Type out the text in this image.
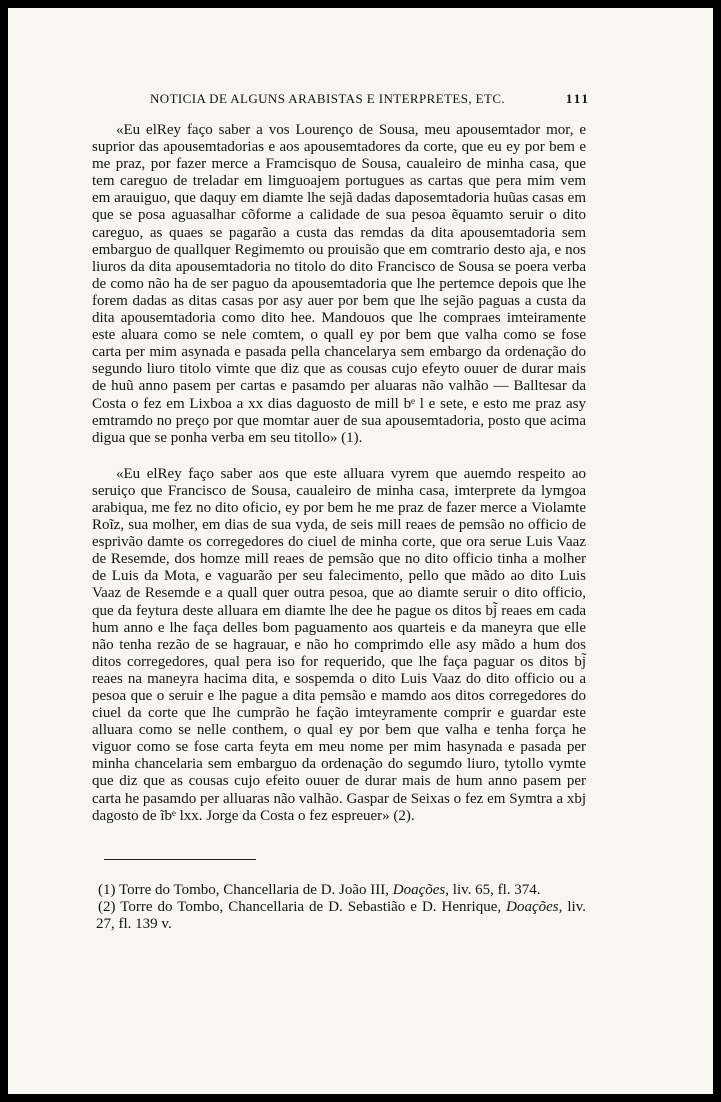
NOTICIA DE ALGUNS ARABISTAS E INTERPRETES, ETC.	111

«Eu elRey faço saber a vos Lourenço de Sousa, meu apousemtador mor, e suprior das apousemtadorias e aos apousemtadores da corte, que eu ey por bem e me praz, por fazer merce a Framcisquo de Sousa, caualeiro de minha casa, que tem careguo de treladar em limguoajem portugues as cartas que pera mim vem em arauiguo, que daquy em diamte lhe sejã dadas daposemtadoria huũas casas em que se posa aguasalhar cõforme a calidade de sua pesoa ẽquamto seruir o dito careguo, as quaes se pagarão a custa das remdas da dita apousemtadoria sem embarguo de quallquer Regimemto ou prouisão que em comtrario desto aja, e nos liuros da dita apousemtadoria no titolo do dito Francisco de Sousa se poera verba de como não ha de ser paguo da apousemtadoria que lhe pertemce depois que lhe forem dadas as ditas casas por asy auer por bem que lhe sejão paguas a custa da dita apousemtadoria como dito hee. Mandouos que lhe compraes imteiramente este aluara como se nele comtem, o quall ey por bem que valha como se fose carta per mim asynada e pasada pella chancelarya sem embargo da ordenação do segundo liuro titolo vimte que diz que as cousas cujo efeyto ouuer de durar mais de huũ anno pasem per cartas e pasamdo per aluaras não valhão — Balltesar da Costa o fez em Lixboa a xx dias daguosto de mill bᵉ l e sete, e esto me praz asy emtramdo no preço por que momtar auer de sua apousemtadoria, posto que acima digua que se ponha verba em seu titollo» (1).

«Eu elRey faço saber aos que este alluara vyrem que auemdo respeito ao seruiço que Francisco de Sousa, caualeiro de minha casa, imterprete da lymgoa arabiqua, me fez no dito oficio, ey por bem he me praz de fazer merce a Violamte Roĩz, sua molher, em dias de sua vyda, de seis mill reaes de pemsão no officio de esprivão damte os corregedores do ciuel de minha corte, que ora serue Luis Vaaz de Resemde, dos homze mill reaes de pemsão que no dito officio tinha a molher de Luis da Mota, e vaguarão per seu falecimento, pello que mãdo ao dito Luis Vaaz de Resemde e a quall quer outra pesoa, que ao diamte seruir o dito officio, que da feytura deste alluara em diamte lhe dee he pague os ditos bj̃ reaes em cada hum anno e lhe faça delles bom paguamento aos quarteis e da maneyra que elle não tenha rezão de se hagrauar, e não ho comprimdo elle asy mãdo a hum dos ditos corregedores, qual pera iso for requerido, que lhe faça paguar os ditos bj̃ reaes na maneyra hacima dita, e sospemda o dito Luis Vaaz do dito officio ou a pesoa que o seruir e lhe pague a dita pemsão e mamdo aos ditos corregedores do ciuel da corte que lhe cumprão he fação imteyramente comprir e guardar este alluara como se nelle conthem, o qual ey por bem que valha e tenha força he viguor como se fose carta feyta em meu nome per mim hasynada e pasada per minha chancelaria sem embarguo da ordenação do segumdo liuro, tytollo vymte que diz que as cousas cujo efeito ouuer de durar mais de hum anno pasem per carta he pasamdo per alluaras não valhão. Gaspar de Seixas o fez em Symtra a xbj dagosto de ĩbᵉ lxx. Jorge da Costa o fez espreuer» (2).

(1) Torre do Tombo, Chancellaria de D. João III, Doações, liv. 65, fl. 374.

(2) Torre do Tombo, Chancellaria de D. Sebastião e D. Henrique, Doações, liv. 27, fl. 139 v.
